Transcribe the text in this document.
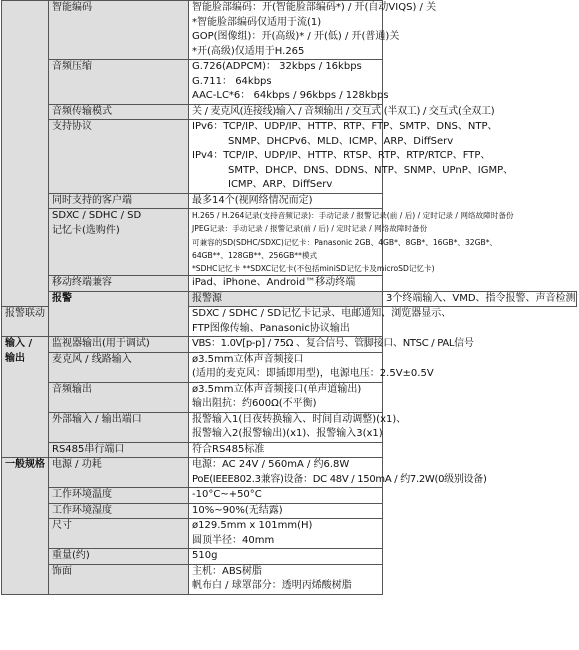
	智能编码	智能脸部编码：开(智能脸部编码*) / 开(自动VIQS) / 关
*智能脸部编码仅适用于流(1)
GOP(图像组)：开(高级)* / 开(低) / 开(普通)关
*开(高级)仅适用于H.265	

	音频压缩	G.726(ADPCM)： 32kbps / 16kbps
G.711： 64kbps
AAC-LC*6： 64kbps / 96kbps / 128kbps	

	音频传输模式	关 / 麦克风(连接线)输入 / 音频输出 / 交互式 (半双工) / 交互式(全双工)	

	支持协议	IPv6：TCP/IP、UDP/IP、HTTP、RTP、FTP、SMTP、DNS、NTP、
SNMP、DHCPv6、MLD、ICMP、ARP、DiffServ
IPv4：TCP/IP、UDP/IP、HTTP、RTSP、RTP、RTP/RTCP、FTP、
SMTP、DHCP、DNS、DDNS、NTP、SNMP、UPnP、IGMP、
ICMP、ARP、DiffServ	

	同时支持的客户端	最多14个(视网络情况而定)	

	SDXC / SDHC / SD
记忆卡(选购件)	H.265 / H.264记录(支持音频记录)：手动记录 / 报警记录(前 / 后) / 定时记录 / 网络故障时备份
JPEG记录：手动记录 / 报警记录(前 / 后) / 定时记录 / 网络故障时备份
可兼容的SD(SDHC/SDXC)记忆卡：Panasonic 2GB、4GB*、8GB*、16GB*、32GB*、
64GB**、128GB**、256GB**模式
*SDHC记忆卡 **SDXC记忆卡(不包括miniSD记忆卡及microSD记忆卡)	

	移动终端兼容	iPad、iPhone、Android™移动终端	

	报警	报警源	3个终端输入、VMD、指令报警、声音检测

报警联动		SDXC / SDHC / SD记忆卡记录、电邮通知、浏览器显示、
FTP图像传输、Panasonic协议输出	

输入 /
输出	监视器输出(用于调试)	VBS：1.0V[p-p] / 75Ω 、复合信号、管脚接口、NTSC / PAL信号	

	麦克风 / 线路输入	ø3.5mm立体声音频接口
(适用的麦克风：即插即用型)，电源电压：2.5V±0.5V	

	音频输出	ø3.5mm立体声音频接口(单声道输出)
输出阻抗：约600Ω(不平衡)	

	外部输入 / 输出端口	报警输入1(日夜转换输入、时间自动调整)(x1)、
报警输入2(报警输出)(x1)、报警输入3(x1)	

	RS485串行端口	符合RS485标准	

一般规格	电源 / 功耗	电源：AC 24V / 560mA / 约6.8W
PoE(IEEE802.3兼容)设备：DC 48V / 150mA / 约7.2W(0级别设备)	

	工作环境温度	-10°C~+50°C	

	工作环境湿度	10%~90%(无结露)	

	尺寸	ø129.5mm x 101mm(H)
圆顶半径：40mm	

	重量(约)	510g	

	饰面	主机：ABS树脂
帆布白 / 球罩部分：透明丙烯酸树脂	
